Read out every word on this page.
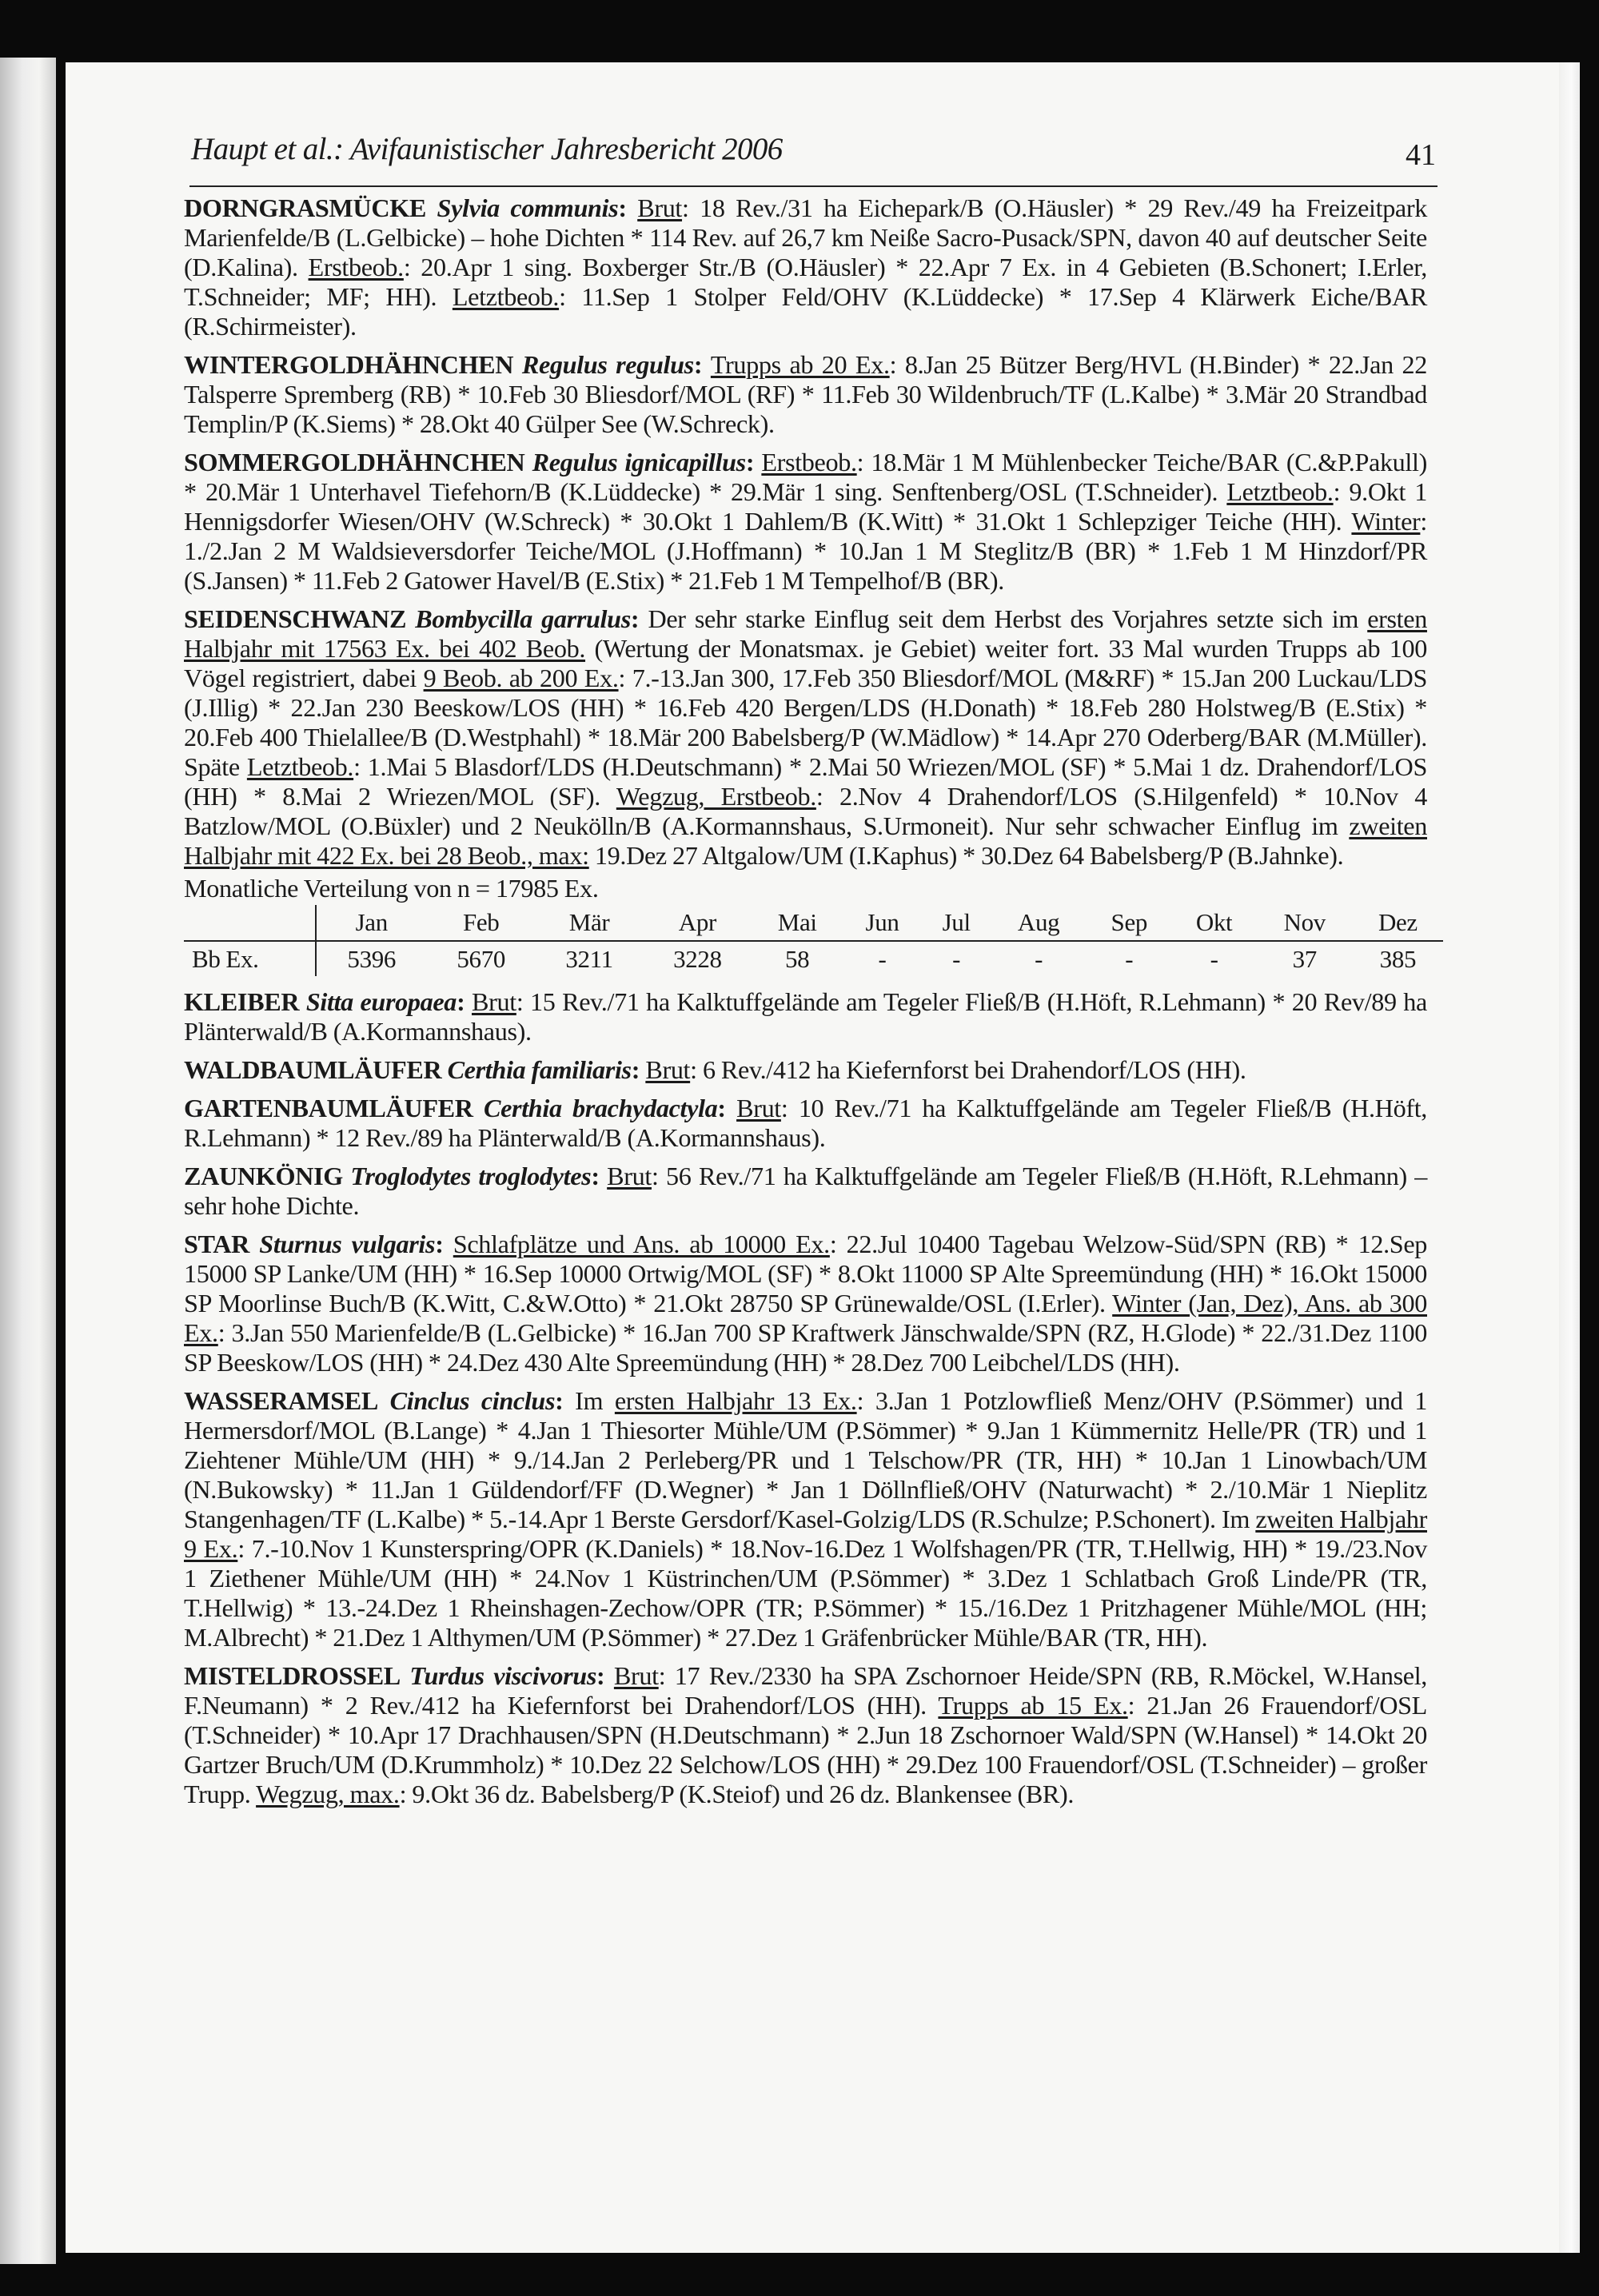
Haupt et al.: Avifaunistischer Jahresbericht 2006	41

DORNGRASMÜCKE Sylvia communis: Brut: 18 Rev./31 ha Eichepark/B (O.Häusler) * 29 Rev./49 ha Freizeitpark Marienfelde/B (L.Gelbicke) – hohe Dichten * 114 Rev. auf 26,7 km Neiße Sacro-Pusack/SPN, davon 40 auf deutscher Seite (D.Kalina). Erstbeob.: 20.Apr 1 sing. Boxberger Str./B (O.Häusler) * 22.Apr 7 Ex. in 4 Gebieten (B.Schonert; I.Erler, T.Schneider; MF; HH). Letztbeob.: 11.Sep 1 Stolper Feld/OHV (K.Lüddecke) * 17.Sep 4 Klärwerk Eiche/BAR (R.Schirmeister).

WINTERGOLDHÄHNCHEN Regulus regulus: Trupps ab 20 Ex.: 8.Jan 25 Bützer Berg/HVL (H.Binder) * 22.Jan 22 Talsperre Spremberg (RB) * 10.Feb 30 Bliesdorf/MOL (RF) * 11.Feb 30 Wildenbruch/TF (L.Kalbe) * 3.Mär 20 Strandbad Templin/P (K.Siems) * 28.Okt 40 Gülper See (W.Schreck).

SOMMERGOLDHÄHNCHEN Regulus ignicapillus: Erstbeob.: 18.Mär 1 M Mühlenbecker Teiche/BAR (C.&P.Pakull) * 20.Mär 1 Unterhavel Tiefehorn/B (K.Lüddecke) * 29.Mär 1 sing. Senftenberg/OSL (T.Schneider). Letztbeob.: 9.Okt 1 Hennigsdorfer Wiesen/OHV (W.Schreck) * 30.Okt 1 Dahlem/B (K.Witt) * 31.Okt 1 Schlepziger Teiche (HH). Winter: 1./2.Jan 2 M Waldsieversdorfer Teiche/MOL (J.Hoffmann) * 10.Jan 1 M Steglitz/B (BR) * 1.Feb 1 M Hinzdorf/PR (S.Jansen) * 11.Feb 2 Gatower Havel/B (E.Stix) * 21.Feb 1 M Tempelhof/B (BR).

SEIDENSCHWANZ Bombycilla garrulus: Der sehr starke Einflug seit dem Herbst des Vorjahres setzte sich im ersten Halbjahr mit 17563 Ex. bei 402 Beob. (Wertung der Monatsmax. je Gebiet) weiter fort. 33 Mal wurden Trupps ab 100 Vögel registriert, dabei 9 Beob. ab 200 Ex.: 7.-13.Jan 300, 17.Feb 350 Bliesdorf/MOL (M&RF) * 15.Jan 200 Luckau/LDS (J.Illig) * 22.Jan 230 Beeskow/LOS (HH) * 16.Feb 420 Bergen/LDS (H.Donath) * 18.Feb 280 Holstweg/B (E.Stix) * 20.Feb 400 Thielallee/B (D.Westphahl) * 18.Mär 200 Babelsberg/P (W.Mädlow) * 14.Apr 270 Oderberg/BAR (M.Müller). Späte Letztbeob.: 1.Mai 5 Blasdorf/LDS (H.Deutschmann) * 2.Mai 50 Wriezen/MOL (SF) * 5.Mai 1 dz. Drahendorf/LOS (HH) * 8.Mai 2 Wriezen/MOL (SF). Wegzug, Erstbeob.: 2.Nov 4 Drahendorf/LOS (S.Hilgenfeld) * 10.Nov 4 Batzlow/MOL (O.Büxler) und 2 Neukölln/B (A.Kormannshaus, S.Urmoneit). Nur sehr schwacher Einflug im zweiten Halbjahr mit 422 Ex. bei 28 Beob., max: 19.Dez 27 Altgalow/UM (I.Kaphus) * 30.Dez 64 Babelsberg/P (B.Jahnke).

Monatliche Verteilung von n = 17985 Ex.

	Jan	Feb	Mär	Apr	Mai	Jun	Jul	Aug	Sep	Okt	Nov	Dez
Bb Ex.	5396	5670	3211	3228	58	-	-	-	-	-	37	385

KLEIBER Sitta europaea: Brut: 15 Rev./71 ha Kalktuffgelände am Tegeler Fließ/B (H.Höft, R.Lehmann) * 20 Rev/89 ha Plänterwald/B (A.Kormannshaus).

WALDBAUMLÄUFER Certhia familiaris: Brut: 6 Rev./412 ha Kiefernforst bei Drahendorf/LOS (HH).

GARTENBAUMLÄUFER Certhia brachydactyla: Brut: 10 Rev./71 ha Kalktuffgelände am Tegeler Fließ/B (H.Höft, R.Lehmann) * 12 Rev./89 ha Plänterwald/B (A.Kormannshaus).

ZAUNKÖNIG Troglodytes troglodytes: Brut: 56 Rev./71 ha Kalktuffgelände am Tegeler Fließ/B (H.Höft, R.Lehmann) – sehr hohe Dichte.

STAR Sturnus vulgaris: Schlafplätze und Ans. ab 10000 Ex.: 22.Jul 10400 Tagebau Welzow-Süd/SPN (RB) * 12.Sep 15000 SP Lanke/UM (HH) * 16.Sep 10000 Ortwig/MOL (SF) * 8.Okt 11000 SP Alte Spreemündung (HH) * 16.Okt 15000 SP Moorlinse Buch/B (K.Witt, C.&W.Otto) * 21.Okt 28750 SP Grünewalde/OSL (I.Erler). Winter (Jan, Dez), Ans. ab 300 Ex.: 3.Jan 550 Marienfelde/B (L.Gelbicke) * 16.Jan 700 SP Kraftwerk Jänschwalde/SPN (RZ, H.Glode) * 22./31.Dez 1100 SP Beeskow/LOS (HH) * 24.Dez 430 Alte Spreemündung (HH) * 28.Dez 700 Leibchel/LDS (HH).

WASSERAMSEL Cinclus cinclus: Im ersten Halbjahr 13 Ex.: 3.Jan 1 Potzlowfließ Menz/OHV (P.Sömmer) und 1 Hermersdorf/MOL (B.Lange) * 4.Jan 1 Thiesorter Mühle/UM (P.Sömmer) * 9.Jan 1 Kümmernitz Helle/PR (TR) und 1 Ziehtener Mühle/UM (HH) * 9./14.Jan 2 Perleberg/PR und 1 Telschow/PR (TR, HH) * 10.Jan 1 Linowbach/UM (N.Bukowsky) * 11.Jan 1 Güldendorf/FF (D.Wegner) * Jan 1 Döllnfließ/OHV (Naturwacht) * 2./10.Mär 1 Nieplitz Stangenhagen/TF (L.Kalbe) * 5.-14.Apr 1 Berste Gersdorf/Kasel-Golzig/LDS (R.Schulze; P.Schonert). Im zweiten Halbjahr 9 Ex.: 7.-10.Nov 1 Kunsterspring/OPR (K.Daniels) * 18.Nov-16.Dez 1 Wolfshagen/PR (TR, T.Hellwig, HH) * 19./23.Nov 1 Ziethener Mühle/UM (HH) * 24.Nov 1 Küstrinchen/UM (P.Sömmer) * 3.Dez 1 Schlatbach Groß Linde/PR (TR, T.Hellwig) * 13.-24.Dez 1 Rheinshagen-Zechow/OPR (TR; P.Sömmer) * 15./16.Dez 1 Pritzhagener Mühle/MOL (HH; M.Albrecht) * 21.Dez 1 Althymen/UM (P.Sömmer) * 27.Dez 1 Gräfenbrücker Mühle/BAR (TR, HH).

MISTELDROSSEL Turdus viscivorus: Brut: 17 Rev./2330 ha SPA Zschornoer Heide/SPN (RB, R.Möckel, W.Hansel, F.Neumann) * 2 Rev./412 ha Kiefernforst bei Drahendorf/LOS (HH). Trupps ab 15 Ex.: 21.Jan 26 Frauendorf/OSL (T.Schneider) * 10.Apr 17 Drachhausen/SPN (H.Deutschmann) * 2.Jun 18 Zschornoer Wald/SPN (W.Hansel) * 14.Okt 20 Gartzer Bruch/UM (D.Krummholz) * 10.Dez 22 Selchow/LOS (HH) * 29.Dez 100 Frauendorf/OSL (T.Schneider) – großer Trupp. Wegzug, max.: 9.Okt 36 dz. Babelsberg/P (K.Steiof) und 26 dz. Blankensee (BR).
